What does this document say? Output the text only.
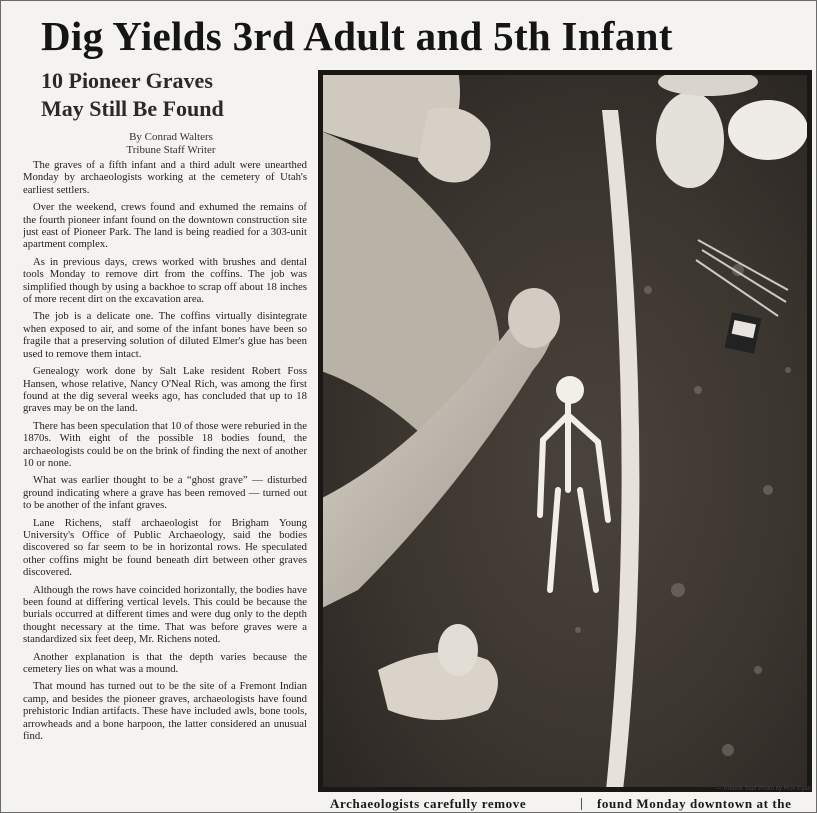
Dig Yields 3rd Adult and 5th Infant
10 Pioneer Graves
May Still Be Found
By Conrad Walters
Tribune Staff Writer

The graves of a fifth infant and a third adult were unearthed Monday by archaeologists working at the cemetery of Utah's earliest settlers.

Over the weekend, crews found and exhumed the remains of the fourth pioneer infant found on the downtown construction site just east of Pioneer Park. The land is being readied for a 303-unit apartment complex.

As in previous days, crews worked with brushes and dental tools Monday to remove dirt from the coffins. The job was simplified though by using a backhoe to scrap off about 18 inches of more recent dirt on the excavation area.

The job is a delicate one. The coffins virtually disintegrate when exposed to air, and some of the infant bones have been so fragile that a preserving solution of diluted Elmer's glue has been used to remove them intact.

Genealogy work done by Salt Lake resident Robert Foss Hansen, whose relative, Nancy O'Neal Rich, was among the first found at the dig several weeks ago, has concluded that up to 18 graves may be on the land.

There has been speculation that 10 of those were reburied in the 1870s. With eight of the possible 18 bodies found, the archaeologists could be on the brink of finding the next of another 10 or none.

What was earlier thought to be a “ghost grave” — disturbed ground indicating where a grave has been removed — turned out to be another of the infant graves.

Lane Richens, staff archaeologist for Brigham Young University's Office of Public Archaeology, said the bodies discovered so far seem to be in horizontal rows. He speculated other coffins might be found beneath dirt between other graves discovered.

Although the rows have coincided horizontally, the bodies have been found at differing vertical levels. This could be because the burials occurred at different times and were dug only to the depth thought necessary at the time. That was before graves were a standardized six feet deep, Mr. Richens noted.

Another explanation is that the depth varies because the cemetery lies on what was a mound.

That mound has turned out to be the site of a Fremont Indian camp, and besides the pioneer graves, archaeologists have found prehistoric Indian artifacts. These have included awls, bone tools, arrowheads and a bone harpoon, the latter considered an unusual find.

—Tribune Staff Photo by Rick Egan
Archaeologists carefully remove	found Monday downtown at the
